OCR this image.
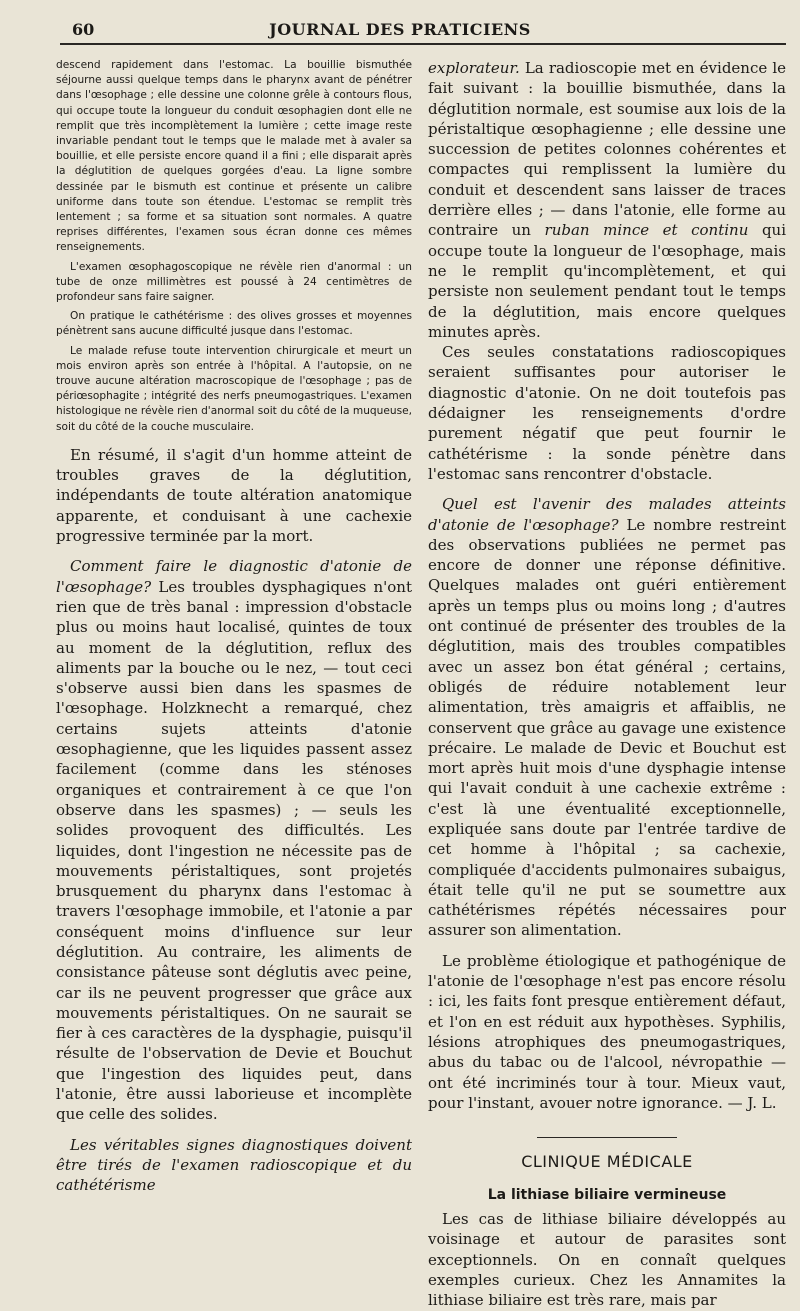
60	JOURNAL DES PRATICIENS

descend rapidement dans l'estomac. La bouillie bismuthée séjourne aussi quelque temps dans le pharynx avant de pénétrer dans l'œsophage ; elle dessine une colonne grêle à contours flous, qui occupe toute la longueur du conduit œsophagien dont elle ne remplit que très incomplètement la lumière ; cette image reste invariable pendant tout le temps que le malade met à avaler sa bouillie, et elle persiste encore quand il a fini ; elle disparait après la déglutition de quelques gorgées d'eau. La ligne sombre dessinée par le bismuth est continue et présente un calibre uniforme dans toute son étendue. L'estomac se remplit très lentement ; sa forme et sa situation sont normales. A quatre reprises différentes, l'examen sous écran donne ces mêmes renseignements.

L'examen œsophagoscopique ne révèle rien d'anormal : un tube de onze millimètres est poussé à 24 centimètres de profondeur sans faire saigner.

On pratique le cathétérisme : des olives grosses et moyennes pénètrent sans aucune difficulté jusque dans l'estomac.

Le malade refuse toute intervention chirurgicale et meurt un mois environ après son entrée à l'hôpital. A l'autopsie, on ne trouve aucune altération macroscopique de l'œsophage ; pas de périœsophagite ; intégrité des nerfs pneumogastriques. L'examen histologique ne révèle rien d'anormal soit du côté de la muqueuse, soit du côté de la couche musculaire.

En résumé, il s'agit d'un homme atteint de troubles graves de la déglutition, indépendants de toute altération anatomique apparente, et conduisant à une cachexie progressive terminée par la mort.

Comment faire le diagnostic d'atonie de l'œsophage? Les troubles dysphagiques n'ont rien que de très banal : impression d'obstacle plus ou moins haut localisé, quintes de toux au moment de la déglutition, reflux des aliments par la bouche ou le nez, — tout ceci s'observe aussi bien dans les spasmes de l'œsophage. Holzknecht a remarqué, chez certains sujets atteints d'atonie œsophagienne, que les liquides passent assez facilement (comme dans les sténoses organiques et contrairement à ce que l'on observe dans les spasmes) ; — seuls les solides provoquent des difficultés. Les liquides, dont l'ingestion ne nécessite pas de mouvements péristaltiques, sont projetés brusquement du pharynx dans l'estomac à travers l'œsophage immobile, et l'atonie a par conséquent moins d'influence sur leur déglutition. Au contraire, les aliments de consistance pâteuse sont déglutis avec peine, car ils ne peuvent progresser que grâce aux mouvements péristaltiques. On ne saurait se fier à ces caractères de la dysphagie, puisqu'il résulte de l'observation de Devie et Bouchut que l'ingestion des liquides peut, dans l'atonie, être aussi laborieuse et incomplète que celle des solides.

Les véritables signes diagnostiques doivent être tirés de l'examen radioscopique et du cathétérisme

explorateur. La radioscopie met en évidence le fait suivant : la bouillie bismuthée, dans la déglutition normale, est soumise aux lois de la péristaltique œsophagienne ; elle dessine une succession de petites colonnes cohérentes et compactes qui remplissent la lumière du conduit et descendent sans laisser de traces derrière elles ; — dans l'atonie, elle forme au contraire un ruban mince et continu qui occupe toute la longueur de l'œsophage, mais ne le remplit qu'incomplètement, et qui persiste non seulement pendant tout le temps de la déglutition, mais encore quelques minutes après.

Ces seules constatations radioscopiques seraient suffisantes pour autoriser le diagnostic d'atonie. On ne doit toutefois pas dédaigner les renseignements d'ordre purement négatif que peut fournir le cathétérisme : la sonde pénètre dans l'estomac sans rencontrer d'obstacle.

Quel est l'avenir des malades atteints d'atonie de l'œsophage? Le nombre restreint des observations publiées ne permet pas encore de donner une réponse définitive. Quelques malades ont guéri entièrement après un temps plus ou moins long ; d'autres ont continué de présenter des troubles de la déglutition, mais des troubles compatibles avec un assez bon état général ; certains, obligés de réduire notablement leur alimentation, très amaigris et affaiblis, ne conservent que grâce au gavage une existence précaire. Le malade de Devic et Bouchut est mort après huit mois d'une dysphagie intense qui l'avait conduit à une cachexie extrême : c'est là une éventualité exceptionnelle, expliquée sans doute par l'entrée tardive de cet homme à l'hôpital ; sa cachexie, compliquée d'accidents pulmonaires subaigus, était telle qu'il ne put se soumettre aux cathétérismes répétés nécessaires pour assurer son alimentation.

Le problème étiologique et pathogénique de l'atonie de l'œsophage n'est pas encore résolu : ici, les faits font presque entièrement défaut, et l'on en est réduit aux hypothèses. Syphilis, lésions atrophiques des pneumogastriques, abus du tabac ou de l'alcool, névropathie — ont été incriminés tour à tour. Mieux vaut, pour l'instant, avouer notre ignorance. — J. L.

CLINIQUE MÉDICALE
La lithiase biliaire vermineuse

Les cas de lithiase biliaire développés au voisinage et autour de parasites sont exceptionnels. On en connaît quelques exemples curieux. Chez les Annamites la lithiase biliaire est très rare, mais par
